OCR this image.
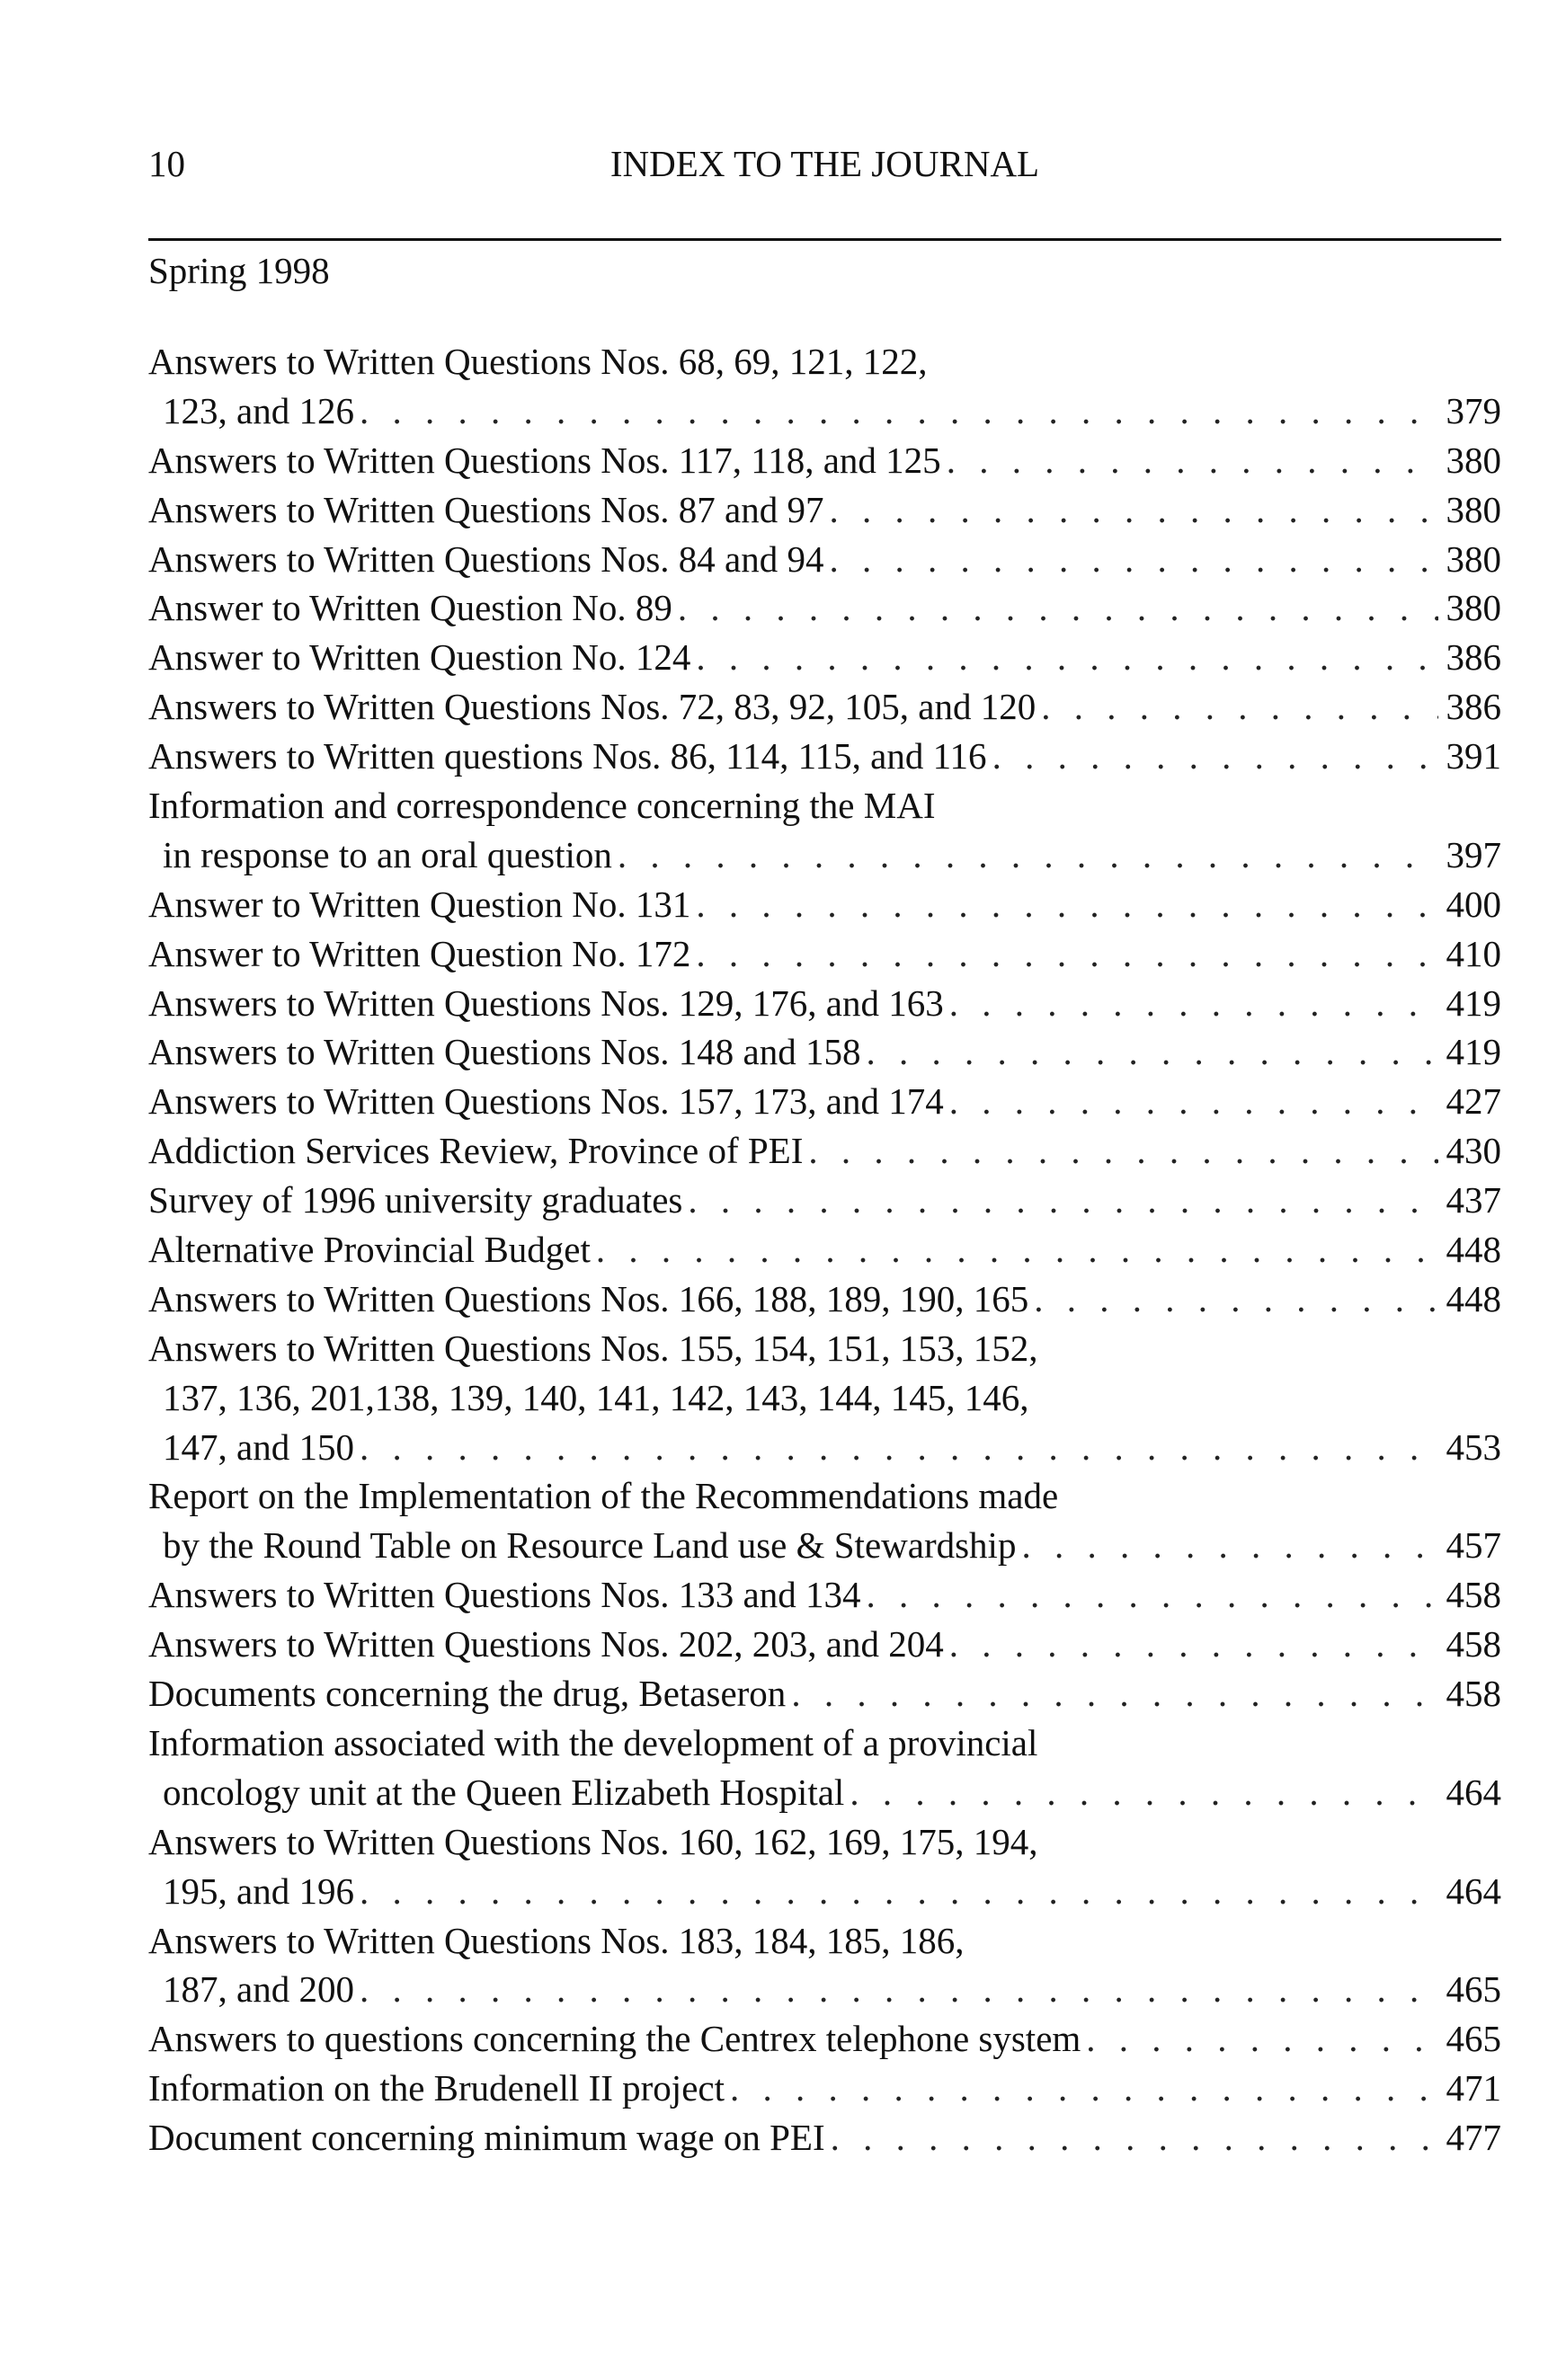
10	INDEX TO THE JOURNAL
Spring 1998
Answers to Written Questions Nos. 68, 69, 121, 122,
123, and 126 . . .	379
Answers to Written Questions Nos. 117, 118, and 125 . . .	380
Answers to Written Questions Nos. 87 and 97 . . .	380
Answers to Written Questions Nos. 84 and 94 . . .	380
Answer to Written Question No. 89 . . .	380
Answer to Written Question No. 124 . . .	386
Answers to Written Questions Nos. 72, 83, 92, 105, and 120 . . .	386
Answers to Written questions Nos. 86, 114, 115, and 116 . . .	391
Information and correspondence concerning the MAI
in response to an oral question . . .	397
Answer to Written Question No. 131 . . .	400
Answer to Written Question No. 172 . . .	410
Answers to Written Questions Nos. 129, 176, and 163 . . .	419
Answers to Written Questions Nos. 148 and 158 . . .	419
Answers to Written Questions Nos. 157, 173, and 174 . . .	427
Addiction Services Review, Province of PEI . . .	430
Survey of 1996 university graduates . . .	437
Alternative Provincial Budget . . .	448
Answers to Written Questions Nos. 166, 188, 189, 190, 165 . . .	448
Answers to Written Questions Nos. 155, 154, 151, 153, 152,
137, 136, 201,138, 139, 140, 141, 142, 143, 144, 145, 146,
147, and 150 . . .	453
Report on the Implementation of the Recommendations made
by the Round Table on Resource Land use & Stewardship . . .	457
Answers to Written Questions Nos. 133 and 134 . . .	458
Answers to Written Questions Nos. 202, 203, and 204 . . .	458
Documents concerning the drug, Betaseron . . .	458
Information associated with the development of a provincial
oncology unit at the Queen Elizabeth Hospital . . .	464
Answers to Written Questions Nos. 160, 162, 169, 175, 194,
195, and 196 . . .	464
Answers to Written Questions Nos. 183, 184, 185, 186,
187, and 200 . . .	465
Answers to questions concerning the Centrex telephone system . . .	465
Information on the Brudenell II project . . .	471
Document concerning minimum wage on PEI . . .	477
